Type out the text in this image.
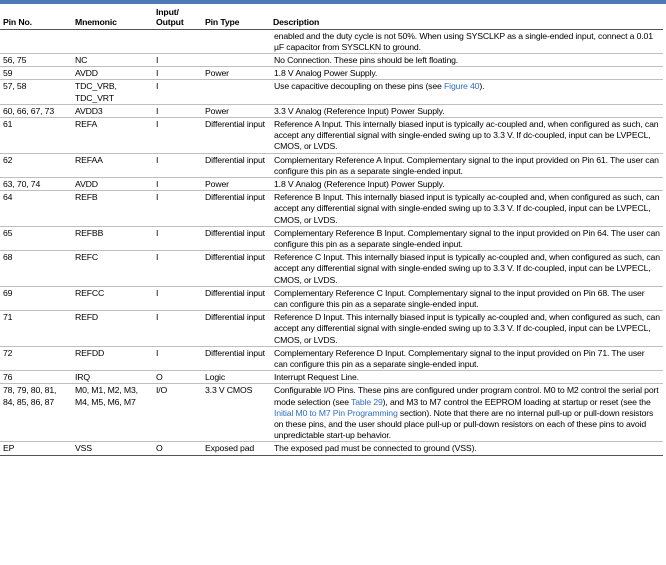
Pin No.	Mnemonic	Input/ Output	Pin Type	Description
				enabled and the duty cycle is not 50%. When using SYSCLKP as a single-ended input, connect a 0.01 µF capacitor from SYSCLKN to ground.
56, 75	NC	I		No Connection. These pins should be left floating.
59	AVDD	I	Power	1.8 V Analog Power Supply.
57, 58	TDC_VRB, TDC_VRT	I		Use capacitive decoupling on these pins (see Figure 40).
60, 66, 67, 73	AVDD3	I	Power	3.3 V Analog (Reference Input) Power Supply.
61	REFA	I	Differential input	Reference A Input. This internally biased input is typically ac-coupled and, when configured as such, can accept any differential signal with single-ended swing up to 3.3 V. If dc-coupled, input can be LVPECL, CMOS, or LVDS.
62	REFAA	I	Differential input	Complementary Reference A Input. Complementary signal to the input provided on Pin 61. The user can configure this pin as a separate single-ended input.
63, 70, 74	AVDD	I	Power	1.8 V Analog (Reference Input) Power Supply.
64	REFB	I	Differential input	Reference B Input. This internally biased input is typically ac-coupled and, when configured as such, can accept any differential signal with single-ended swing up to 3.3 V. If dc-coupled, input can be LVPECL, CMOS, or LVDS.
65	REFBB	I	Differential input	Complementary Reference B Input. Complementary signal to the input provided on Pin 64. The user can configure this pin as a separate single-ended input.
68	REFC	I	Differential input	Reference C Input. This internally biased input is typically ac-coupled and, when configured as such, can accept any differential signal with single-ended swing up to 3.3 V. If dc-coupled, input can be LVPECL, CMOS, or LVDS.
69	REFCC	I	Differential input	Complementary Reference C Input. Complementary signal to the input provided on Pin 68. The user can configure this pin as a separate single-ended input.
71	REFD	I	Differential input	Reference D Input. This internally biased input is typically ac-coupled and, when configured as such, can accept any differential signal with single-ended swing up to 3.3 V. If dc-coupled, input can be LVPECL, CMOS, or LVDS.
72	REFDD	I	Differential input	Complementary Reference D Input. Complementary signal to the input provided on Pin 71. The user can configure this pin as a separate single-ended input.
76	IRQ	O	Logic	Interrupt Request Line.
78, 79, 80, 81, 84, 85, 86, 87	M0, M1, M2, M3, M4, M5, M6, M7	I/O	3.3 V CMOS	Configurable I/O Pins. These pins are configured under program control. M0 to M2 control the serial port mode selection (see Table 29), and M3 to M7 control the EEPROM loading at startup or reset (see the Initial M0 to M7 Pin Programming section). Note that there are no internal pull-up or pull-down resistors on these pins, and the user should place pull-up or pull-down resistors on each of these pins to avoid unpredictable start-up behavior.
EP	VSS	O	Exposed pad	The exposed pad must be connected to ground (VSS).
